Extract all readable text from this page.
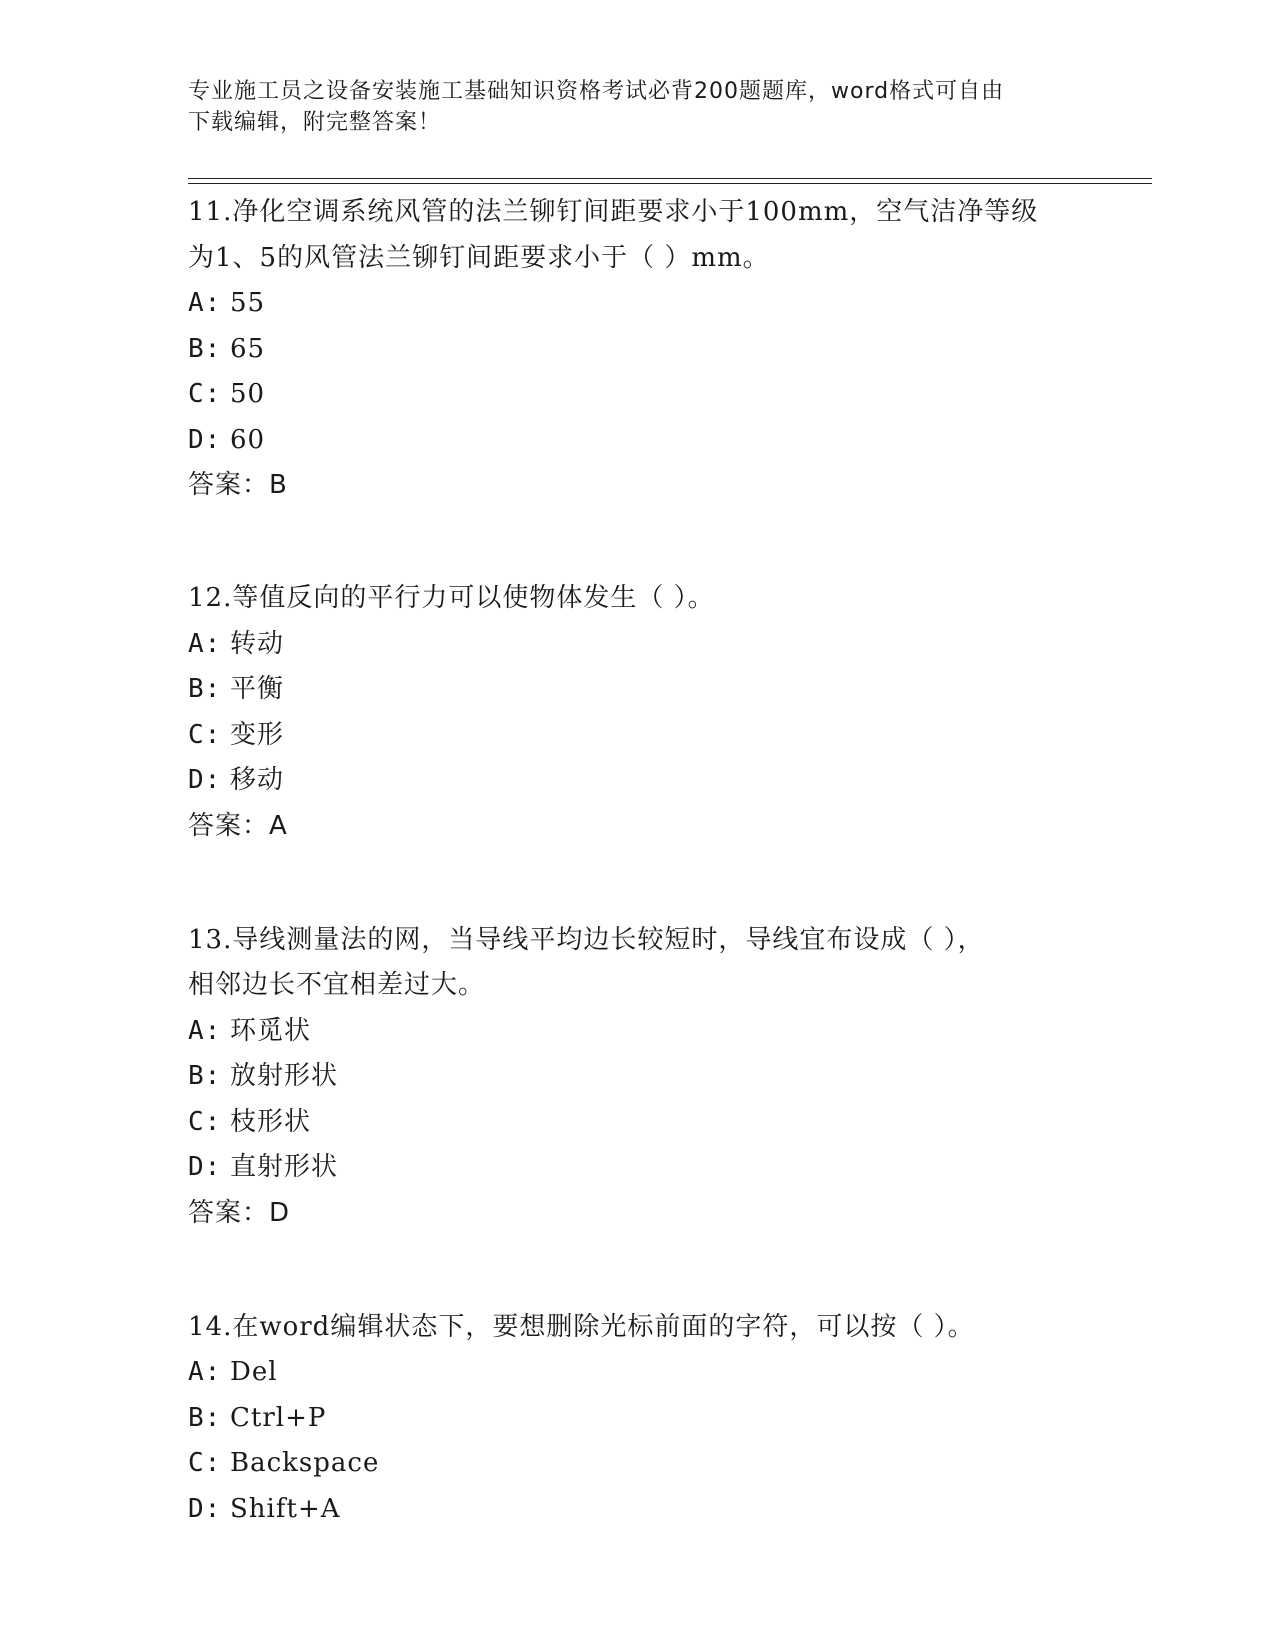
专业施工员之设备安装施工基础知识资格考试必背200题题库，word格式可自由
下载编辑，附完整答案！
11.净化空调系统风管的法兰铆钉间距要求小于100mm，空气洁净等级
为1、5的风管法兰铆钉间距要求小于（ ）mm。
A: 55
B: 65
C: 50
D: 60
答案：B
12.等值反向的平行力可以使物体发生（ ）。
A: 转动
B: 平衡
C: 变形
D: 移动
答案：A
13.导线测量法的网，当导线平均边长较短时，导线宜布设成（ ），
相邻边长不宜相差过大。
A: 环觅状
B: 放射形状
C: 枝形状
D: 直射形状
答案：D
14.在word编辑状态下，要想删除光标前面的字符，可以按（ ）。
A: Del
B: Ctrl+P
C: Backspace
D: Shift+A
